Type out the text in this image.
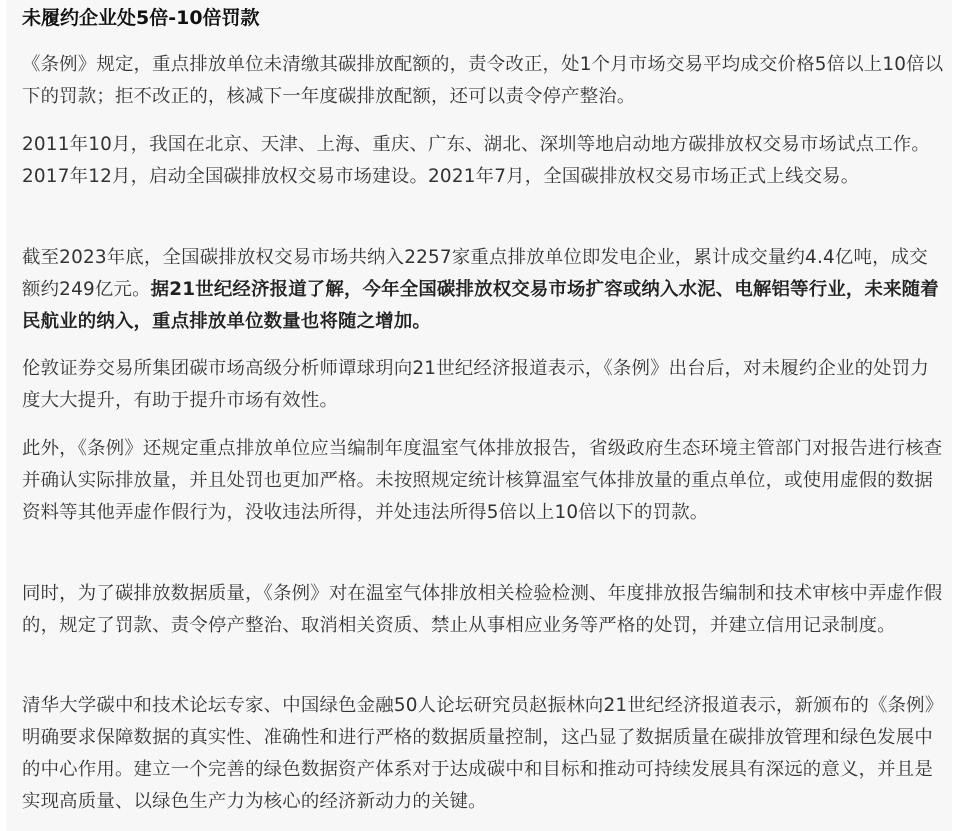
未履约企业处5倍-10倍罚款

《条例》规定，重点排放单位未清缴其碳排放配额的，责令改正，处1个月市场交易平均成交价格5倍以上10倍以下的罚款；拒不改正的，核减下一年度碳排放配额，还可以责令停产整治。

2011年10月，我国在北京、天津、上海、重庆、广东、湖北、深圳等地启动地方碳排放权交易市场试点工作。2017年12月，启动全国碳排放权交易市场建设。2021年7月，全国碳排放权交易市场正式上线交易。

截至2023年底，全国碳排放权交易市场共纳入2257家重点排放单位即发电企业，累计成交量约4.4亿吨，成交额约249亿元。据21世纪经济报道了解，今年全国碳排放权交易市场扩容或纳入水泥、电解铝等行业，未来随着民航业的纳入，重点排放单位数量也将随之增加。

伦敦证券交易所集团碳市场高级分析师谭球玥向21世纪经济报道表示，《条例》出台后，对未履约企业的处罚力度大大提升，有助于提升市场有效性。

此外，《条例》还规定重点排放单位应当编制年度温室气体排放报告，省级政府生态环境主管部门对报告进行核查并确认实际排放量，并且处罚也更加严格。未按照规定统计核算温室气体排放量的重点单位，或使用虚假的数据资料等其他弄虚作假行为，没收违法所得，并处违法所得5倍以上10倍以下的罚款。

同时，为了碳排放数据质量，《条例》对在温室气体排放相关检验检测、年度排放报告编制和技术审核中弄虚作假的，规定了罚款、责令停产整治、取消相关资质、禁止从事相应业务等严格的处罚，并建立信用记录制度。

清华大学碳中和技术论坛专家、中国绿色金融50人论坛研究员赵振林向21世纪经济报道表示，新颁布的《条例》明确要求保障数据的真实性、准确性和进行严格的数据质量控制，这凸显了数据质量在碳排放管理和绿色发展中的中心作用。建立一个完善的绿色数据资产体系对于达成碳中和目标和推动可持续发展具有深远的意义，并且是实现高质量、以绿色生产力为核心的经济新动力的关键。
